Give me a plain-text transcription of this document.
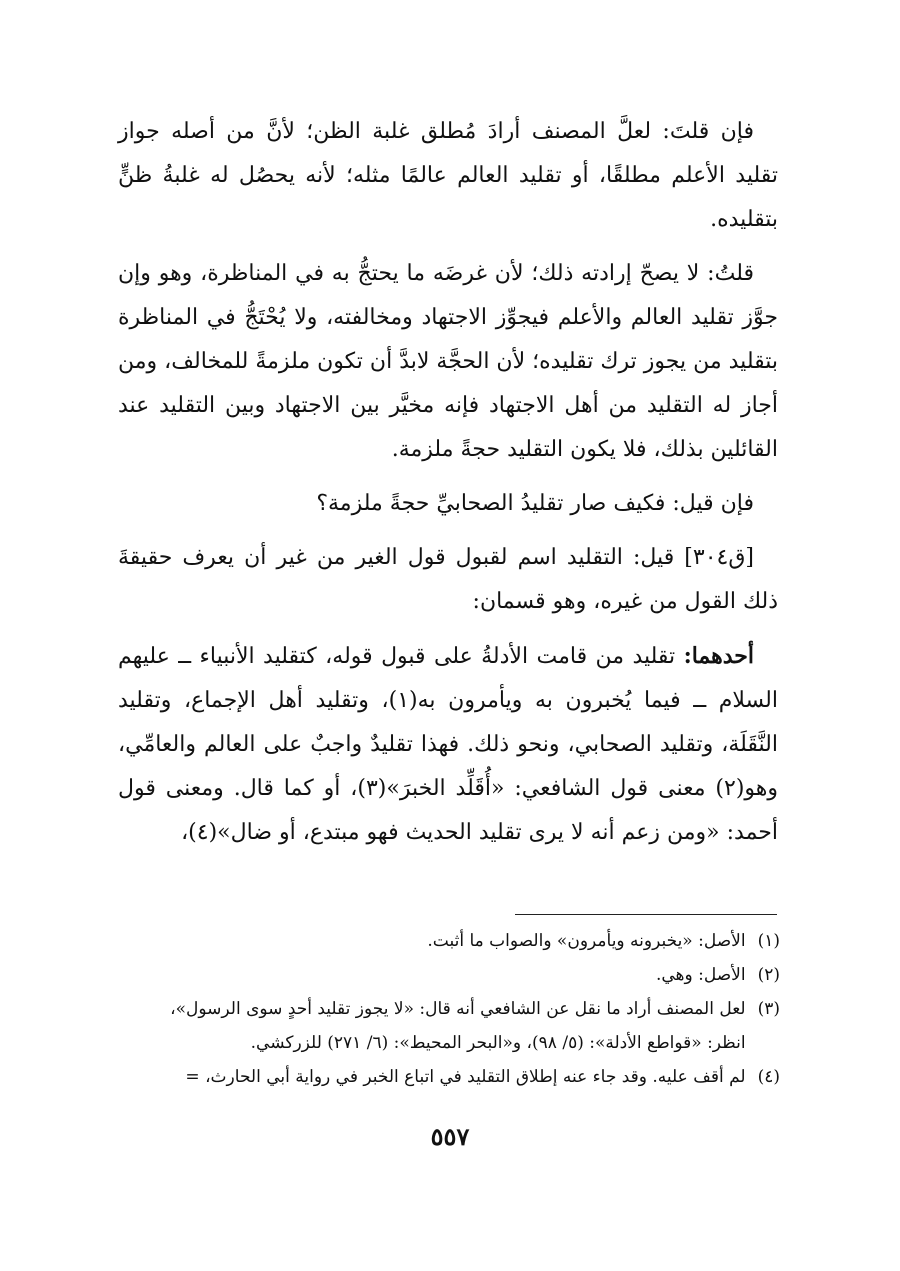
فإن قلتَ: لعلَّ المصنف أرادَ مُطلق غلبة الظن؛ لأنَّ من أصله جواز تقليد الأعلم مطلقًا، أو تقليد العالم عالمًا مثله؛ لأنه يحصُل له غلبةُ ظنٍّ بتقليده.

قلتُ: لا يصحّ إرادته ذلك؛ لأن غرضَه ما يحتجُّ به في المناظرة، وهو وإن جوَّز تقليد العالم والأعلم فيجوِّز الاجتهاد ومخالفته، ولا يُحْتَجُّ في المناظرة بتقليد من يجوز ترك تقليده؛ لأن الحجَّة لابدَّ أن تكون ملزمةً للمخالف، ومن أجاز له التقليد من أهل الاجتهاد فإنه مخيَّر بين الاجتهاد وبين التقليد عند القائلين بذلك، فلا يكون التقليد حجةً ملزمة.

فإن قيل: فكيف صار تقليدُ الصحابيِّ حجةً ملزمة؟

[ق٣٠٤] قيل: التقليد اسم لقبول قول الغير من غير أن يعرف حقيقةَ ذلك القول من غيره، وهو قسمان:

أحدهما: تقليد من قامت الأدلةُ على قبول قوله، كتقليد الأنبياء ــ عليهم السلام ــ فيما يُخبرون به ويأمرون به(١)، وتقليد أهل الإجماع، وتقليد النَّقَلَة، وتقليد الصحابي، ونحو ذلك. فهذا تقليدٌ واجبٌ على العالم والعامِّي، وهو(٢) معنى قول الشافعي: «أُقَلِّد الخبرَ»(٣)، أو كما قال. ومعنى قول أحمد: «ومن زعم أنه لا يرى تقليد الحديث فهو مبتدع، أو ضال»(٤)،

(١)
الأصل: «يخبرونه ويأمرون» والصواب ما أثبت.
(٢)
الأصل: وهي.
(٣)
لعل المصنف أراد ما نقل عن الشافعي أنه قال: «لا يجوز تقليد أحدٍ سوى الرسول»،
انظر: «قواطع الأدلة»: (٥/ ٩٨)، و«البحر المحيط»: (٦/ ٢٧١) للزركشي.
(٤)
لم أقف عليه. وقد جاء عنه إطلاق التقليد في اتباع الخبر في رواية أبي الحارث، =
٥٥٧
